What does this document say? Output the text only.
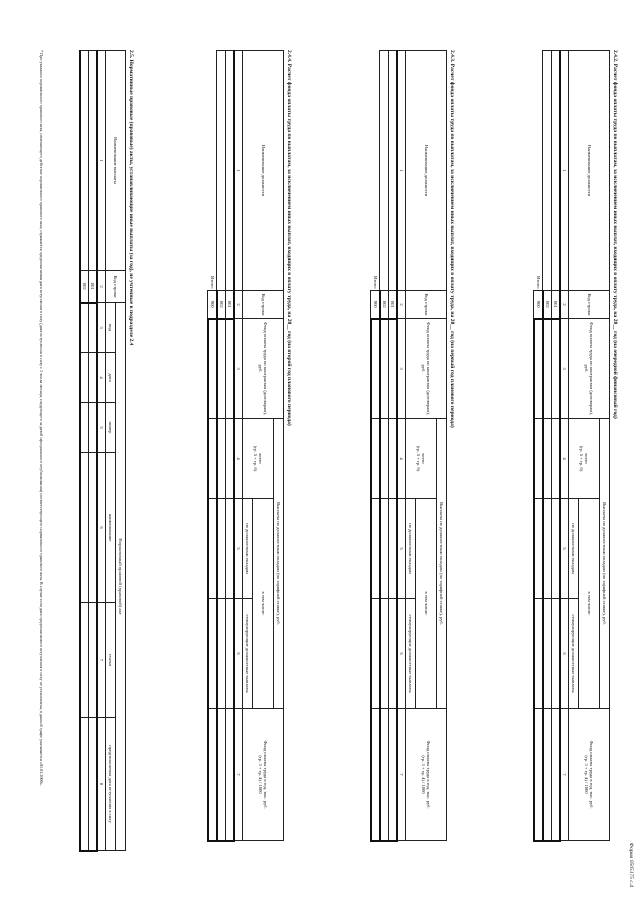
Форма 0505175 с.4
2.4.2. Расчет фонда оплаты труда по выплатам, за исключением иных выплат, входящих в оплату труда, на 20__ год (на очередной финансовый год)
Наименование должности	Код строки	Фонд оплаты труда по контрактам (договорам), руб.	Выплаты по должностным окладам (по тарифной ставке), руб.			Фонд оплаты труда в год, тыс. руб.
(гр. 3 + гр. 4) / 1000
			всего
(гр. 5 + гр. 6)	в том числе:		
				по должностным окладам	стимулирующие должностные выплаты	
1	2	3	4	5	6	7
	001					
	002					
Итого:	900					
2.4.3. Расчет фонда оплаты труда по выплатам, за исключением иных выплат, входящих в оплату труда, на 20__ год (на первый год планового периода)
Наименование должности	Код строки	Фонд оплаты труда по контрактам (договорам), руб.	Выплаты по должностным окладам (по тарифной ставке), руб.			Фонд оплаты труда в год, тыс. руб.
(гр. 3 + гр. 4) / 1000
			всего
(гр. 5 + гр. 6)	в том числе:		
				по должностным окладам	стимулирующие должностные выплаты	
1	2	3	4	5	6	7
	001					
	002					
Итого:	900					
2.4.4. Расчет фонда оплаты труда по выплатам, за исключением иных выплат, входящих в оплату труда, на 20__ год (на второй год планового периода)
Наименование должности	Код строки	Фонд оплаты труда по контрактам (договорам), руб.	Выплаты по должностным окладам (по тарифной ставке), руб.			Фонд оплаты труда в год, тыс. руб.
(гр. 3 + гр. 4) / 1000
			всего
(гр. 5 + гр. 6)	в том числе:		
				по должностным окладам	стимулирующие должностные выплаты	
1	2	3	4	5	6	7
	001					
	002					
Итого:	900					
2.5. Нормативные правовые (правовые) акты, устанавливающие иные выплаты (за год), не учтенные в подразделе 2.4
Наименование выплаты	Код строки	Нормативный правовой (правовой) акт					
		вид	дата	номер	наименование	статья	предполагаемая дата вступления в силу
1	2	3	4	5	6	7	8
	001						
	002						
* При указании нормативного правового акта, изменяющего действие нормативного правового акта, отражается предполагаемая дата вступления в силу (дата вступления в силу с 1 числа месяца, следующего за датой официального опубликования) соответствующего нормативного правового акта. В случае если дата предполагаемого вступления в силу не установлена, в данной графе указывается «01.01.2000».
